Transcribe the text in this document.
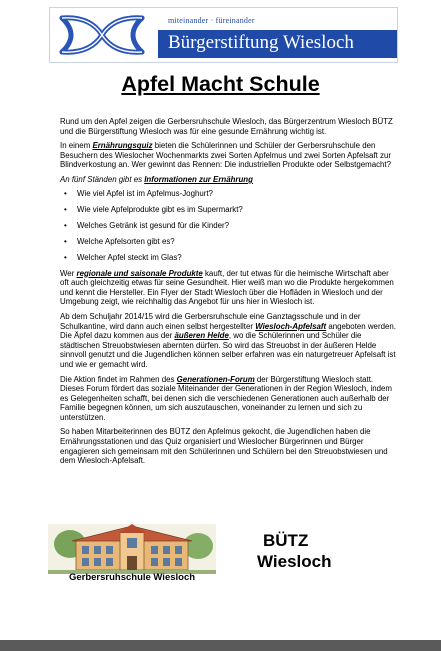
miteinander · füreinander
Bürgerstiftung Wiesloch
Apfel Macht Schule

Rund um den Apfel zeigen die Gerbersruhschule Wiesloch, das Bürgerzentrum Wiesloch BÜTZ und die Bürgerstiftung Wiesloch was für eine gesunde Ernährung wichtig ist.

In einem Ernährungsquiz bieten die Schülerinnen und Schüler der Gerbersruhschule den Besuchern des Wieslocher Wochenmarkts zwei Sorten Apfelmus und zwei Sorten Apfelsaft zur Blindverkostung an. Wer gewinnt das Rennen: Die industriellen Produkte oder Selbstgemacht?

An fünf Ständen gibt es Informationen zur Ernährung

• Wie viel Apfel ist im Apfelmus-Joghurt?
• Wie viele Apfelprodukte gibt es im Supermarkt?
• Welches Getränk ist gesund für die Kinder?
• Welche Apfelsorten gibt es?
• Welcher Apfel steckt im Glas?

Wer regionale und saisonale Produkte kauft, der tut etwas für die heimische Wirtschaft aber oft auch gleichzeitig etwas für seine Gesundheit. Hier weiß man wo die Produkte hergekommen und kennt die Hersteller. Ein Flyer der Stadt Wiesloch über die Hofläden in Wiesloch und der Umgebung zeigt, wie reichhaltig das Angebot für uns hier in Wiesloch ist.

Ab dem Schuljahr 2014/15 wird die Gerbersruhschule eine Ganztagsschule und in der Schulkantine, wird dann auch einen selbst hergestellter Wiesloch-Apfelsaft angeboten werden. Die Äpfel dazu kommen aus der äußeren Helde, wo die Schülerinnen und Schüler die städtischen Streuobstwiesen abernten dürfen. So wird das Streuobst in der äußeren Helde sinnvoll genutzt und die Jugendlichen können selber erfahren was ein naturgetreuer Apfelsaft ist und wie er gemacht wird.

Die Aktion findet im Rahmen des Generationen-Forum der Bürgerstiftung Wiesloch statt. Dieses Forum fördert das soziale Miteinander der Generationen in der Region Wiesloch, indem es Gelegenheiten schafft, bei denen sich die verschiedenen Generationen auch außerhalb der Familie begegnen können, um sich auszutauschen, voneinander zu lernen und sich zu unterstützen.

So haben Mitarbeiterinnen des BÜTZ den Apfelmus gekocht, die Jugendlichen haben die Ernährungsstationen und das Quiz organisiert und Wieslocher Bürgerinnen und Bürger engagieren sich gemeinsam mit den Schülerinnen und Schülern bei den Streuobstwiesen und dem Wiesloch-Apfelsaft.

Gerbersruhschule Wiesloch
BÜTZ
Wiesloch
